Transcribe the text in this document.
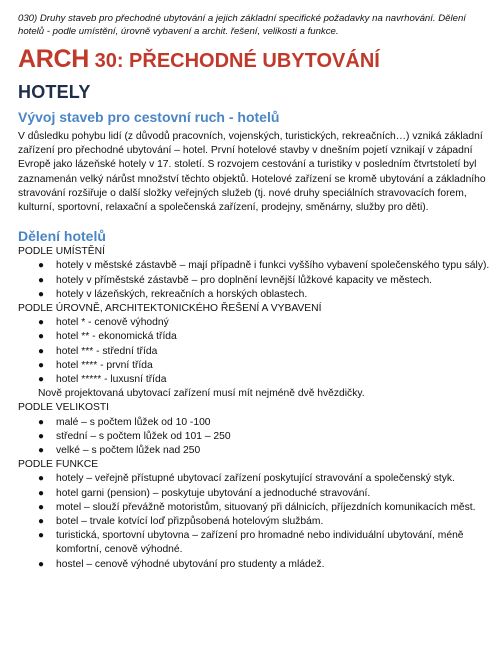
030) Druhy staveb pro přechodné ubytování a jejich základní specifické požadavky na navrhování. Dělení hotelů - podle umístění, úrovně vybavení a archit. řešení, velikosti a funkce.
ARCH 30: PŘECHODNÉ UBYTOVÁNÍ
HOTELY
Vývoj staveb pro cestovní ruch - hotelů
V důsledku pohybu lidí (z důvodů pracovních, vojenských, turistických, rekreačních…) vzniká základní zařízení pro přechodné ubytování – hotel. První hotelové stavby v dnešním pojetí vznikají v západní Evropě jako lázeňské hotely v 17. století. S rozvojem cestování a turistiky v posledním čtvrtstoletí byl zaznamenán velký nárůst množství těchto objektů. Hotelové zařízení se kromě ubytování a základního stravování rozšiřuje o další složky veřejných služeb (tj. nové druhy speciálních stravovacích forem, kulturní, sportovní, relaxační a společenská zařízení, prodejny, směnárny, služby pro děti).
Dělení hotelů
PODLE UMÍSTĚNÍ
● hotely v městské zástavbě – mají případně i funkci vyššího vybavení společenského typu sály).
● hotely v příměstské zástavbě – pro doplnění levnější lůžkové kapacity ve městech.
● hotely v lázeňských, rekreačních a horských oblastech.
PODLE ÚROVNĚ, ARCHITEKTONICKÉHO ŘEŠENÍ A VYBAVENÍ
● hotel * - cenově výhodný
● hotel ** - ekonomická třída
● hotel *** - střední třída
● hotel **** - první třída
● hotel ***** - luxusní třída
Nově projektovaná ubytovací zařízení musí mít nejméně dvě hvězdičky.
PODLE VELIKOSTI
● malé – s počtem lůžek od 10 -100
● střední – s počtem lůžek od 101 – 250
● velké – s počtem lůžek nad 250
PODLE FUNKCE
● hotely – veřejně přístupné ubytovací zařízení poskytující stravování a společenský styk.
● hotel garni (pension) – poskytuje ubytování a jednoduché stravování.
● motel – slouží převážně motoristům, situovaný při dálnicích, příjezdních komunikacích měst.
● botel – trvale kotvící loď přizpůsobená hotelovým službám.
● turistická, sportovní ubytovna – zařízení pro hromadné nebo individuální ubytování, méně komfortní, cenově výhodné.
● hostel – cenově výhodné ubytování pro studenty a mládež.
